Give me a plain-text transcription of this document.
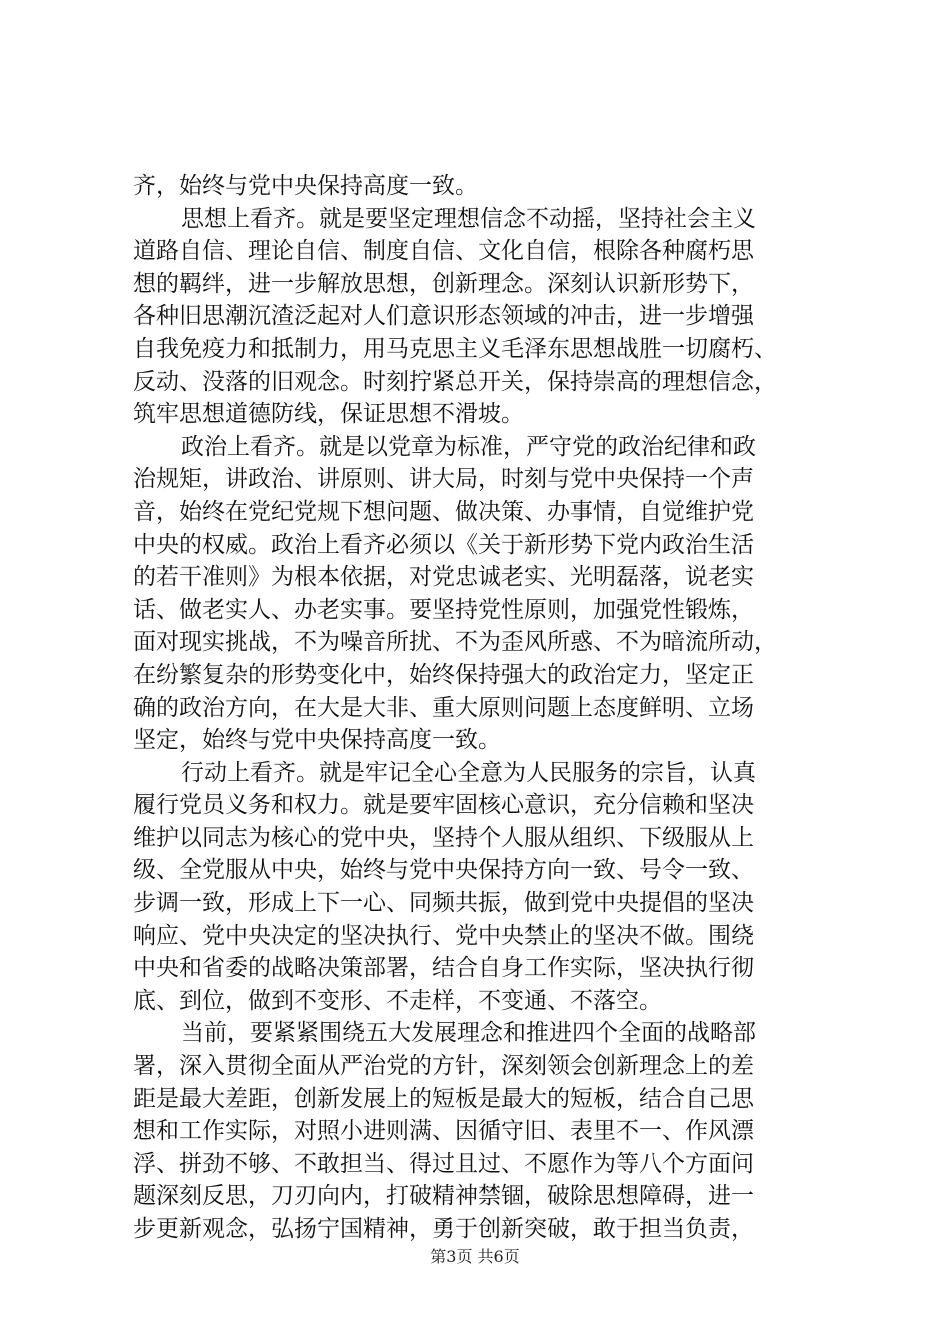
齐，始终与党中央保持高度一致。
思想上看齐。就是要坚定理想信念不动摇，坚持社会主义
道路自信、理论自信、制度自信、文化自信，根除各种腐朽思
想的羁绊，进一步解放思想，创新理念。深刻认识新形势下，
各种旧思潮沉渣泛起对人们意识形态领域的冲击，进一步增强
自我免疫力和抵制力，用马克思主义毛泽东思想战胜一切腐朽、
反动、没落的旧观念。时刻拧紧总开关，保持崇高的理想信念，
筑牢思想道德防线，保证思想不滑坡。
政治上看齐。就是以党章为标准，严守党的政治纪律和政
治规矩，讲政治、讲原则、讲大局，时刻与党中央保持一个声
音，始终在党纪党规下想问题、做决策、办事情，自觉维护党
中央的权威。政治上看齐必须以《关于新形势下党内政治生活
的若干准则》为根本依据，对党忠诚老实、光明磊落，说老实
话、做老实人、办老实事。要坚持党性原则，加强党性锻炼，
面对现实挑战，不为噪音所扰、不为歪风所惑、不为暗流所动，
在纷繁复杂的形势变化中，始终保持强大的政治定力，坚定正
确的政治方向，在大是大非、重大原则问题上态度鲜明、立场
坚定，始终与党中央保持高度一致。
行动上看齐。就是牢记全心全意为人民服务的宗旨，认真
履行党员义务和权力。就是要牢固核心意识，充分信赖和坚决
维护以同志为核心的党中央，坚持个人服从组织、下级服从上
级、全党服从中央，始终与党中央保持方向一致、号令一致、
步调一致，形成上下一心、同频共振，做到党中央提倡的坚决
响应、党中央决定的坚决执行、党中央禁止的坚决不做。围绕
中央和省委的战略决策部署，结合自身工作实际，坚决执行彻
底、到位，做到不变形、不走样，不变通、不落空。
当前，要紧紧围绕五大发展理念和推进四个全面的战略部
署，深入贯彻全面从严治党的方针，深刻领会创新理念上的差
距是最大差距，创新发展上的短板是最大的短板，结合自己思
想和工作实际，对照小进则满、因循守旧、表里不一、作风漂
浮、拼劲不够、不敢担当、得过且过、不愿作为等八个方面问
题深刻反思，刀刃向内，打破精神禁锢，破除思想障碍，进一
步更新观念，弘扬宁国精神，勇于创新突破，敢于担当负责，
第3页 共6页
